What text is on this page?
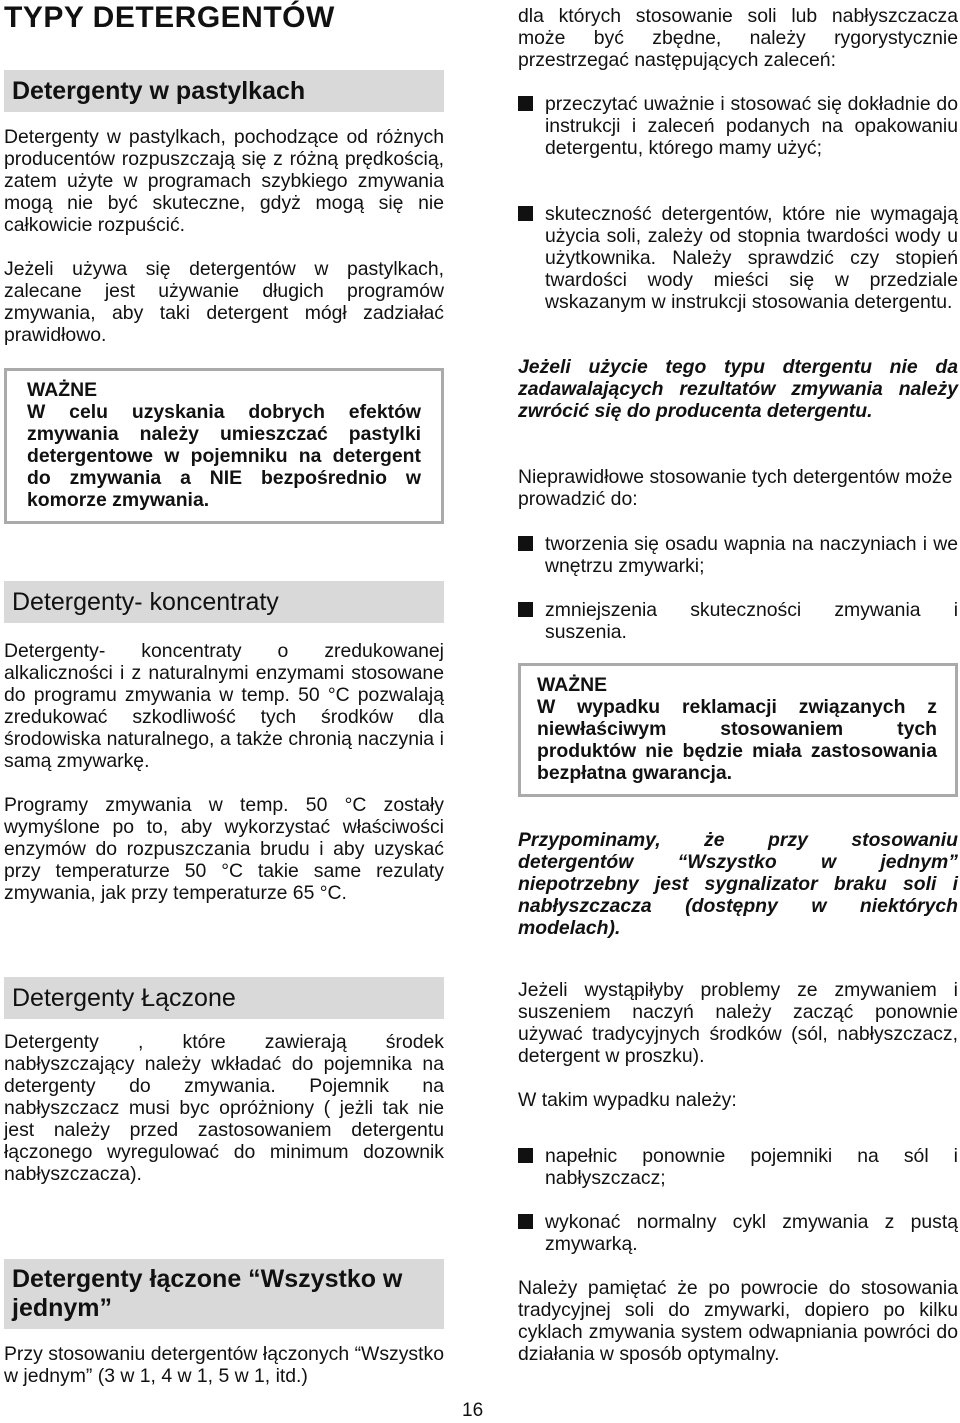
TYPY DETERGENTÓW
Detergenty w pastylkach

Detergenty w pastylkach, pochodzące od różnych producentów rozpuszczają się z różną prędkością, zatem użyte w programach szybkiego zmywania mogą nie być skuteczne, gdyż mogą się nie całkowicie rozpuścić.

Jeżeli używa się detergentów w pastylkach, zalecane jest używanie długich programów zmywania, aby taki detergent mógł zadziałać prawidłowo.

WAŻNE
W celu uzyskania dobrych efektów zmywania należy umieszczać pastylki detergentowe w pojemniku na detergent do zmywania a NIE bezpośrednio w komorze zmywania.
Detergenty- koncentraty

Detergenty- koncentraty o zredukowanej alkaliczności i z naturalnymi enzymami stosowane do programu zmywania w temp. 50 °C pozwalają zredukować szkodliwość tych środków dla środowiska naturalnego, a także chronią naczynia i samą zmywarkę.

Programy zmywania w temp. 50 °C zostały wymyślone po to, aby wykorzystać właściwości enzymów do rozpuszczania brudu i aby uzyskać przy temperaturze 50 °C takie same rezulaty zmywania, jak przy temperaturze 65 °C.

Detergenty Łączone

Detergenty , które zawierają środek nabłyszczający należy wkładać do pojemnika na detergenty do zmywania. Pojemnik na nabłyszczacz musi byc opróżniony ( jeżli tak nie jest należy przed zastosowaniem detergentu łączonego wyregulować do minimum dozownik nabłyszczacza).

Detergenty łączone “Wszystko w jednym”

Przy stosowaniu detergentów łączonych “Wszystko w jednym” (3 w 1, 4 w 1, 5 w 1, itd.)

dla których stosowanie soli lub nabłyszczacza może być zbędne, należy rygorystycznie przestrzegać następujących zaleceń:

przeczytać uważnie i stosować się dokładnie do instrukcji i zaleceń podanych na opakowaniu detergentu, którego mamy użyć;
skuteczność detergentów, które nie wymagają użycia soli, zależy od stopnia twardości wody u użytkownika. Należy sprawdzić czy stopień twardości wody mieści się w przedziale wskazanym w instrukcji stosowania detergentu.

Jeżeli użycie tego typu dtergentu nie da zadawalających rezultatów zmywania należy zwrócić się do producenta detergentu.

Nieprawidłowe stosowanie tych detergentów może prowadzić do:

tworzenia się osadu wapnia na naczyniach i we wnętrzu zmywarki;
zmniejszenia skuteczności zmywania i suszenia.
WAŻNE
W wypadku reklamacji związanych z niewłaściwym stosowaniem tych produktów nie będzie miała zastosowania bezpłatna gwarancja.

Przypominamy, że przy stosowaniu detergentów “Wszystko w jednym” niepotrzebny jest sygnalizator braku soli i nabłyszczacza (dostępny w niektórych modelach).

Jeżeli wystąpiłyby problemy ze zmywaniem i suszeniem naczyń należy zacząć ponownie używać tradycyjnych środków (sól, nabłyszczacz, detergent w proszku).

W takim wypadku należy:

napełnic ponownie pojemniki na sól i nabłyszczacz;
wykonać normalny cykl zmywania z pustą zmywarką.

Należy pamiętać że po powrocie do stosowania tradycyjnej soli do zmywarki, dopiero po kilku cyklach zmywania system odwapniania powróci do działania w sposób optymalny.

16
